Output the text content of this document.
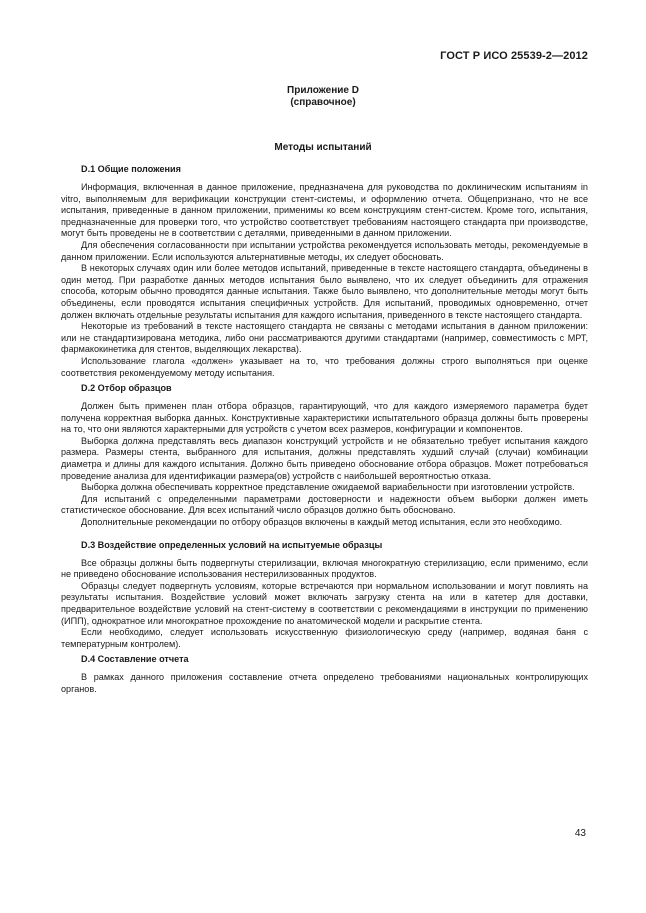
ГОСТ Р ИСО 25539-2—2012
Приложение D
(справочное)
Методы испытаний
D.1 Общие положения

Информация, включенная в данное приложение, предназначена для руководства по доклиническим испытаниям in vitro, выполняемым для верификации конструкции стент-системы, и оформлению отчета. Общепризнано, что не все испытания, приведенные в данном приложении, применимы ко всем конструкциям стент-систем. Кроме того, испытания, предназначенные для проверки того, что устройство соответствует требованиям настоящего стандарта при производстве, могут быть проведены не в соответствии с деталями, приведенными в данном приложении.

Для обеспечения согласованности при испытании устройства рекомендуется использовать методы, рекомендуемые в данном приложении. Если используются альтернативные методы, их следует обосновать.

В некоторых случаях один или более методов испытаний, приведенные в тексте настоящего стандарта, объединены в один метод. При разработке данных методов испытания было выявлено, что их следует объединить для отражения способа, которым обычно проводятся данные испытания. Также было выявлено, что дополнительные методы могут быть объединены, если проводятся испытания специфичных устройств. Для испытаний, проводимых одновременно, отчет должен включать отдельные результаты испытания для каждого испытания, приведенного в тексте настоящего стандарта.

Некоторые из требований в тексте настоящего стандарта не связаны с методами испытания в данном приложении: или не стандартизирована методика, либо они рассматриваются другими стандартами (например, совместимость с МРТ, фармакокинетика для стентов, выделяющих лекарства).

Использование глагола «должен» указывает на то, что требования должны строго выполняться при оценке соответствия рекомендуемому методу испытания.

D.2 Отбор образцов

Должен быть применен план отбора образцов, гарантирующий, что для каждого измеряемого параметра будет получена корректная выборка данных. Конструктивные характеристики испытательного образца должны быть проверены на то, что они являются характерными для устройств с учетом всех размеров, конфигурации и компонентов.

Выборка должна представлять весь диапазон конструкций устройств и не обязательно требует испытания каждого размера. Размеры стента, выбранного для испытания, должны представлять худший случай (случаи) комбинации диаметра и длины для каждого испытания. Должно быть приведено обоснование отбора образцов. Может потребоваться проведение анализа для идентификации размера(ов) устройств с наибольшей вероятностью отказа.

Выборка должна обеспечивать корректное представление ожидаемой вариабельности при изготовлении устройств.

Для испытаний с определенными параметрами достоверности и надежности объем выборки должен иметь статистическое обоснование. Для всех испытаний число образцов должно быть обосновано.

Дополнительные рекомендации по отбору образцов включены в каждый метод испытания, если это необходимо.

D.3 Воздействие определенных условий на испытуемые образцы

Все образцы должны быть подвергнуты стерилизации, включая многократную стерилизацию, если применимо, если не приведено обоснование использования нестерилизованных продуктов.

Образцы следует подвергнуть условиям, которые встречаются при нормальном использовании и могут повлиять на результаты испытания. Воздействие условий может включать загрузку стента на или в катетер для доставки, предварительное воздействие условий на стент-систему в соответствии с рекомендациями в инструкции по применению (ИПП), однократное или многократное прохождение по анатомической модели и раскрытие стента.

Если необходимо, следует использовать искусственную физиологическую среду (например, водяная баня с температурным контролем).

D.4 Составление отчета

В рамках данного приложения составление отчета определено требованиями национальных контролирующих органов.

43
